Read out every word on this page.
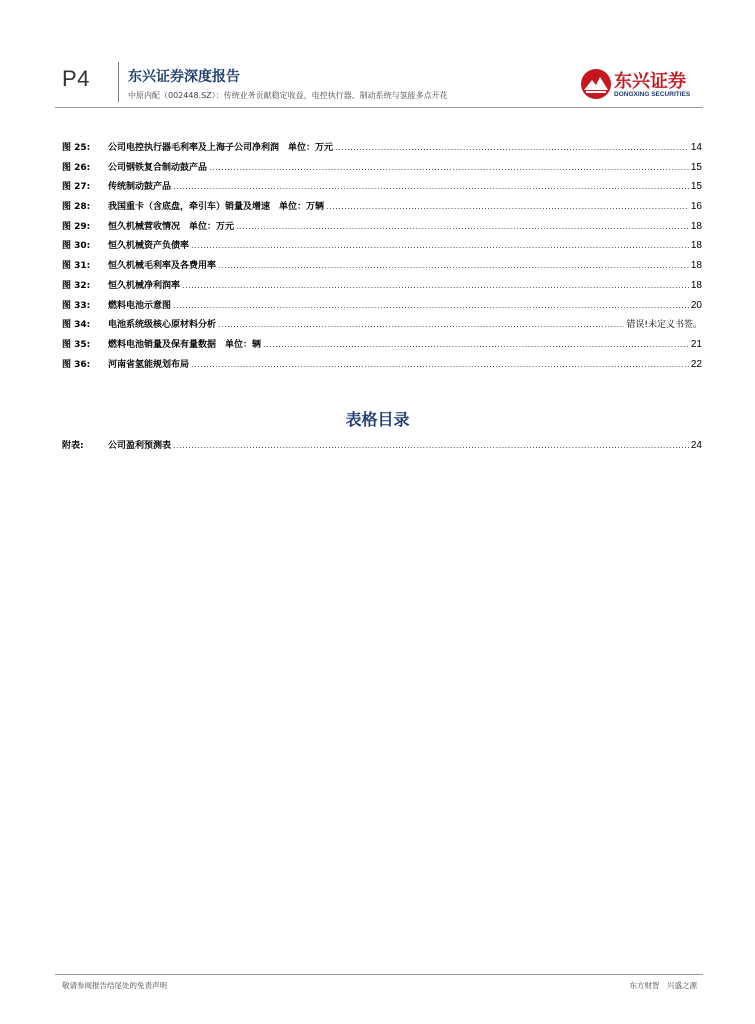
P4	东兴证券深度报告
中原内配（002448.SZ）：传统业务贡献稳定收益，电控执行器、制动系统与氢能多点开花
东兴证券
DONGXING SECURITIES
图 25:	公司电控执行器毛利率及上海子公司净利润　单位：万元 .....	14
图 26:	公司钢铁复合制动鼓产品 .....	15
图 27:	传统制动鼓产品 .....	15
图 28:	我国重卡（含底盘，牵引车）销量及增速　单位：万辆 .....	16
图 29:	恒久机械营收情况　单位：万元 .....	18
图 30:	恒久机械资产负债率 .....	18
图 31:	恒久机械毛利率及各费用率 .....	18
图 32:	恒久机械净利润率 .....	18
图 33:	燃料电池示意图 .....	20
图 34:	电池系统级核心原材料分析 .....	错误!未定义书签。
图 35:	燃料电池销量及保有量数据　单位：辆 .....	21
图 36:	河南省氢能规划布局 .....	22
表格目录
附表:	公司盈利预测表 .....	24
敬请参阅报告结尾处的免责声明	东方财智　兴盛之源
